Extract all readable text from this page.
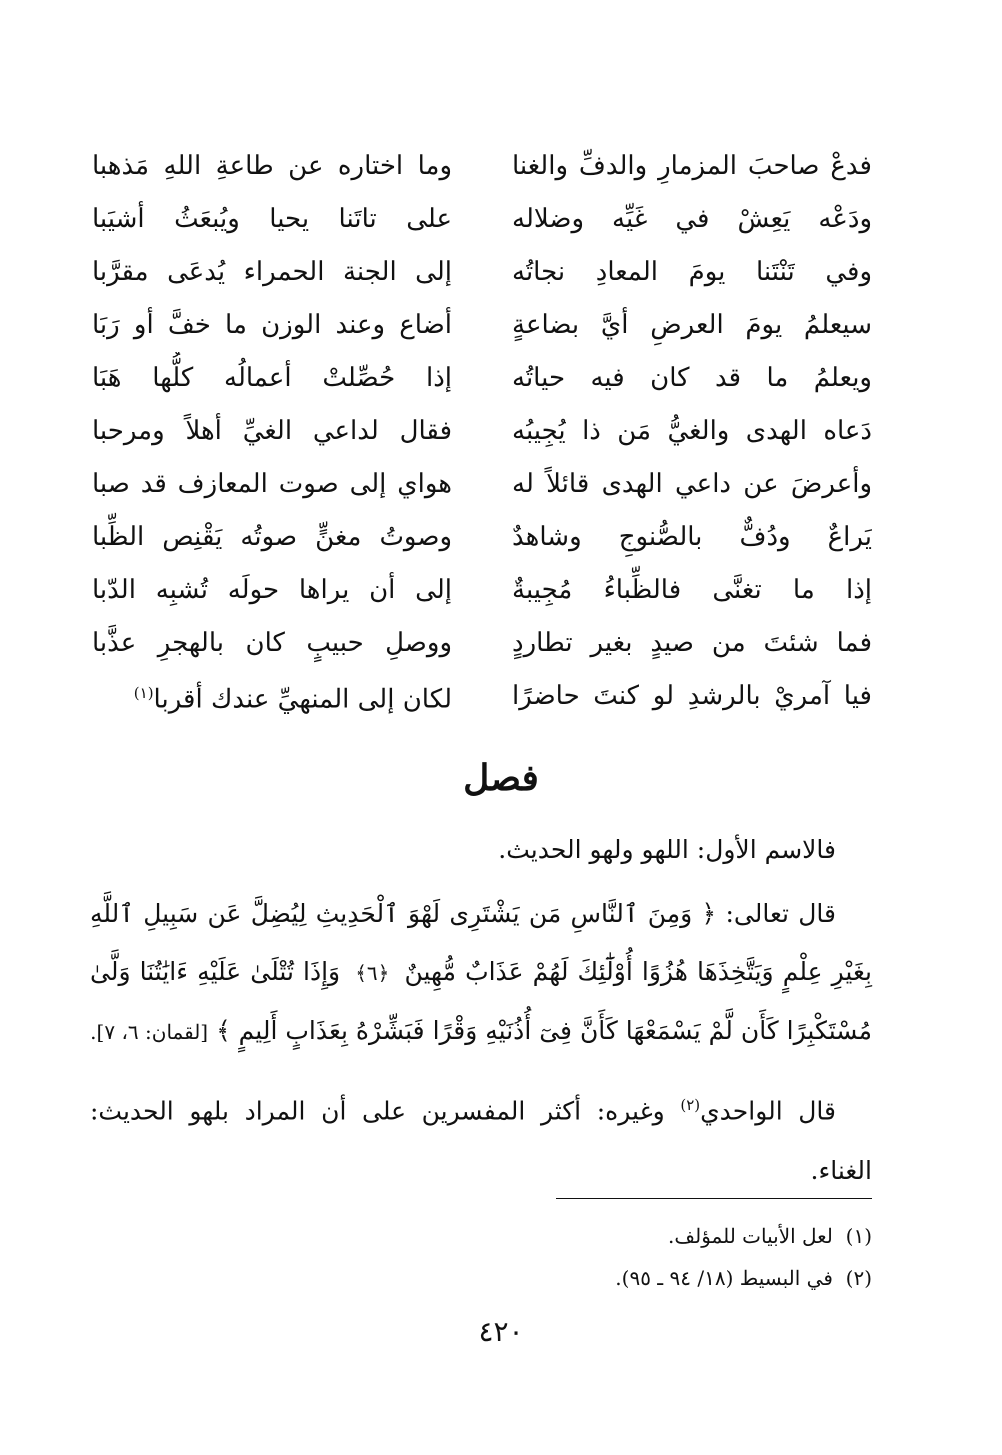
فدعْ صاحبَ المزمارِ والدفِّ والغنا
وما اختاره عن طاعةِ اللهِ مَذهبا
ودَعْه يَعِشْ في غَيِّه وضلاله
على تاتَنا يحيا ويُبعَثُ أشيَبا
وفي تَنْتَنا يومَ المعادِ نجاتُه
إلى الجنة الحمراء يُدعَى مقرَّبا
سيعلمُ يومَ العرضِ أيَّ بضاعةٍ
أضاع وعند الوزن ما خفَّ أو رَبَا
ويعلمُ ما قد كان فيه حياتُه
إذا حُصِّلتْ أعمالُه كلُّها هَبَا
دَعاه الهدى والغيُّ مَن ذا يُجِيبُه
فقال لداعي الغيِّ أهلاً ومرحبا
وأعرضَ عن داعي الهدى قائلاً له
هواي إلى صوت المعازف قد صبا
يَراعٌ ودُفٌّ بالصُّنوجِ وشاهدٌ
وصوتُ مغنٍّ صوتُه يَقْنِص الظِّبا
إذا ما تغنَّى فالظِّباءُ مُجِيبةٌ
إلى أن يراها حولَه تُشبِه الدّبا
فما شئتَ من صيدٍ بغير تطاردٍ
ووصلِ حبيبٍ كان بالهجرِ عذَّبا
فيا آمريْ بالرشدِ لو كنتَ حاضرًا
لكان إلى المنهيِّ عندك أقربا$^{(١)}$
فصل
فالاسم الأول: اللهو ولهو الحديث.
قال تعالى: ﴿ وَمِنَ ٱلنَّاسِ مَن يَشْتَرِى لَهْوَ ٱلْحَدِيثِ لِيُضِلَّ عَن سَبِيلِ ٱللَّهِ بِغَيْرِ عِلْمٍ وَيَتَّخِذَهَا هُزُوًا أُوْلَٰٓئِكَ لَهُمْ عَذَابٌ مُّهِينٌ ﴿٦﴾ وَإِذَا تُتْلَىٰ عَلَيْهِ ءَايَٰتُنَا وَلَّىٰ مُسْتَكْبِرًا كَأَن لَّمْ يَسْمَعْهَا كَأَنَّ فِىٓ أُذُنَيْهِ وَقْرًا فَبَشِّرْهُ بِعَذَابٍ أَلِيمٍ ﴾ [لقمان: ٦، ٧].
قال الواحدي$^{(٢)}$ وغيره: أكثر المفسرين على أن المراد بلهو الحديث: الغناء.
(١)  لعل الأبيات للمؤلف.
(٢)  في البسيط (١٨/ ٩٤ ـ ٩٥).
٤٢٠
